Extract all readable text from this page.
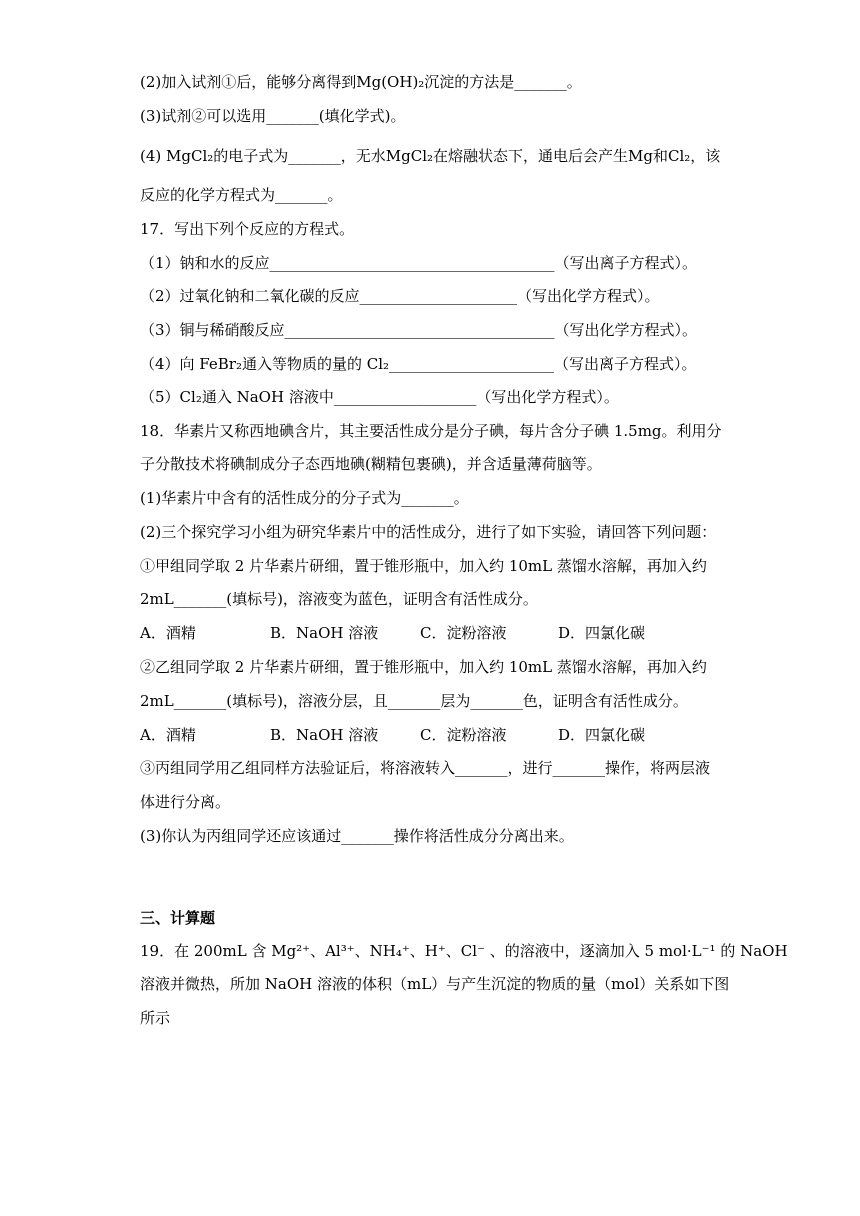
(2)加入试剂①后，能够分离得到Mg(OH)₂沉淀的方法是_______。
(3)试剂②可以选用_______(填化学式)。
(4) MgCl₂的电子式为_______，无水MgCl₂在熔融状态下，通电后会产生Mg和Cl₂，该
反应的化学方程式为_______。
17．写出下列个反应的方程式。
（1）钠和水的反应______________________________________（写出离子方程式）。
（2）过氧化钠和二氧化碳的反应_____________________（写出化学方程式）。
（3）铜与稀硝酸反应____________________________________（写出化学方程式）。
（4）向 FeBr₂通入等物质的量的 Cl₂______________________（写出离子方程式）。
（5）Cl₂通入 NaOH 溶液中___________________（写出化学方程式）。
18．华素片又称西地碘含片，其主要活性成分是分子碘，每片含分子碘 1.5mg。利用分
子分散技术将碘制成分子态西地碘(糊精包裹碘)，并含适量薄荷脑等。
(1)华素片中含有的活性成分的分子式为_______。
(2)三个探究学习小组为研究华素片中的活性成分，进行了如下实验，请回答下列问题：
①甲组同学取 2 片华素片研细，置于锥形瓶中，加入约 10mL 蒸馏水溶解，再加入约
2mL_______(填标号)，溶液变为蓝色，证明含有活性成分。
A．酒精	B．NaOH 溶液	C．淀粉溶液	D．四氯化碳
②乙组同学取 2 片华素片研细，置于锥形瓶中，加入约 10mL 蒸馏水溶解，再加入约
2mL_______(填标号)，溶液分层，且_______层为_______色，证明含有活性成分。
A．酒精	B．NaOH 溶液	C．淀粉溶液	D．四氯化碳
③丙组同学用乙组同样方法验证后，将溶液转入_______，进行_______操作，将两层液
体进行分离。
(3)你认为丙组同学还应该通过_______操作将活性成分分离出来。
三、计算题
19．在 200mL 含 Mg²⁺、Al³⁺、NH₄⁺、H⁺、Cl⁻ 、的溶液中，逐滴加入 5 mol·L⁻¹ 的 NaOH
溶液并微热，所加 NaOH 溶液的体积（mL）与产生沉淀的物质的量（mol）关系如下图
所示
